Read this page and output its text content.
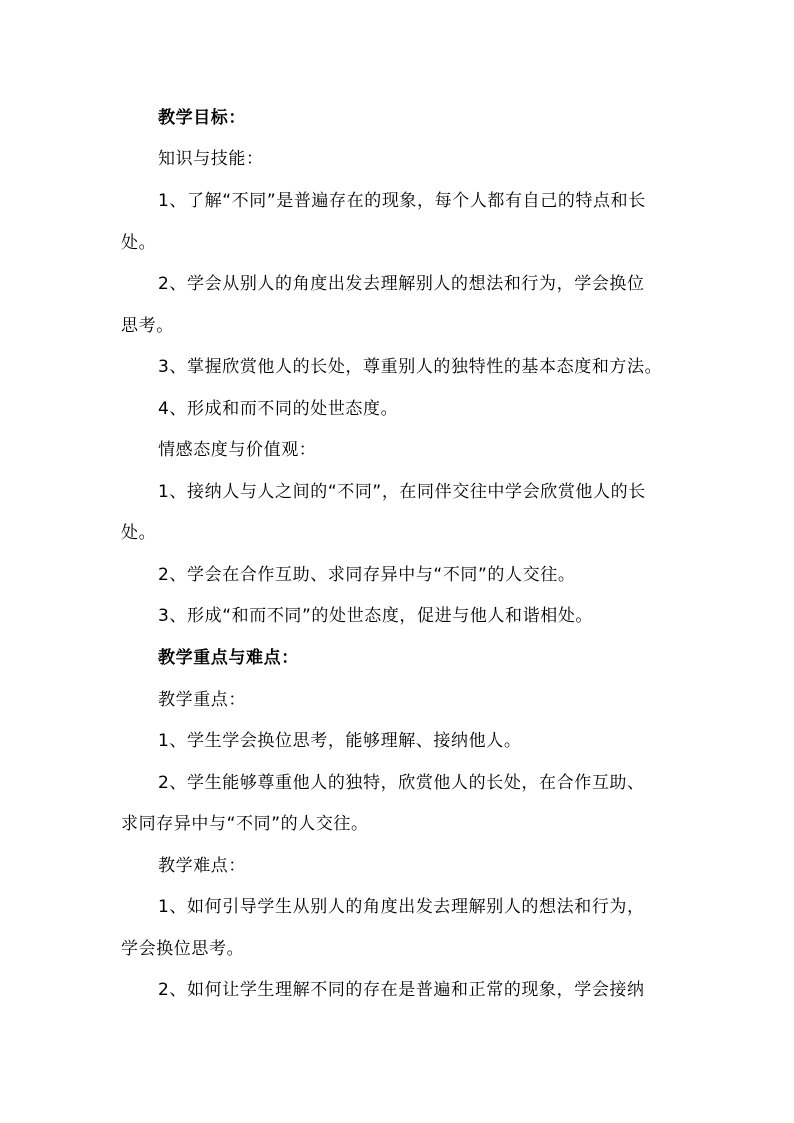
教学目标：
知识与技能：
1、了解“不同”是普遍存在的现象，每个人都有自己的特点和长
处。
2、学会从别人的角度出发去理解别人的想法和行为，学会换位
思考。
3、掌握欣赏他人的长处，尊重别人的独特性的基本态度和方法。
4、形成和而不同的处世态度。
情感态度与价值观：
1、接纳人与人之间的“不同”，在同伴交往中学会欣赏他人的长
处。
2、学会在合作互助、求同存异中与“不同”的人交往。
3、形成“和而不同”的处世态度，促进与他人和谐相处。
教学重点与难点：
教学重点：
1、学生学会换位思考，能够理解、接纳他人。
2、学生能够尊重他人的独特，欣赏他人的长处，在合作互助、
求同存异中与“不同”的人交往。
教学难点：
1、如何引导学生从别人的角度出发去理解别人的想法和行为，
学会换位思考。
2、如何让学生理解不同的存在是普遍和正常的现象，学会接纳
